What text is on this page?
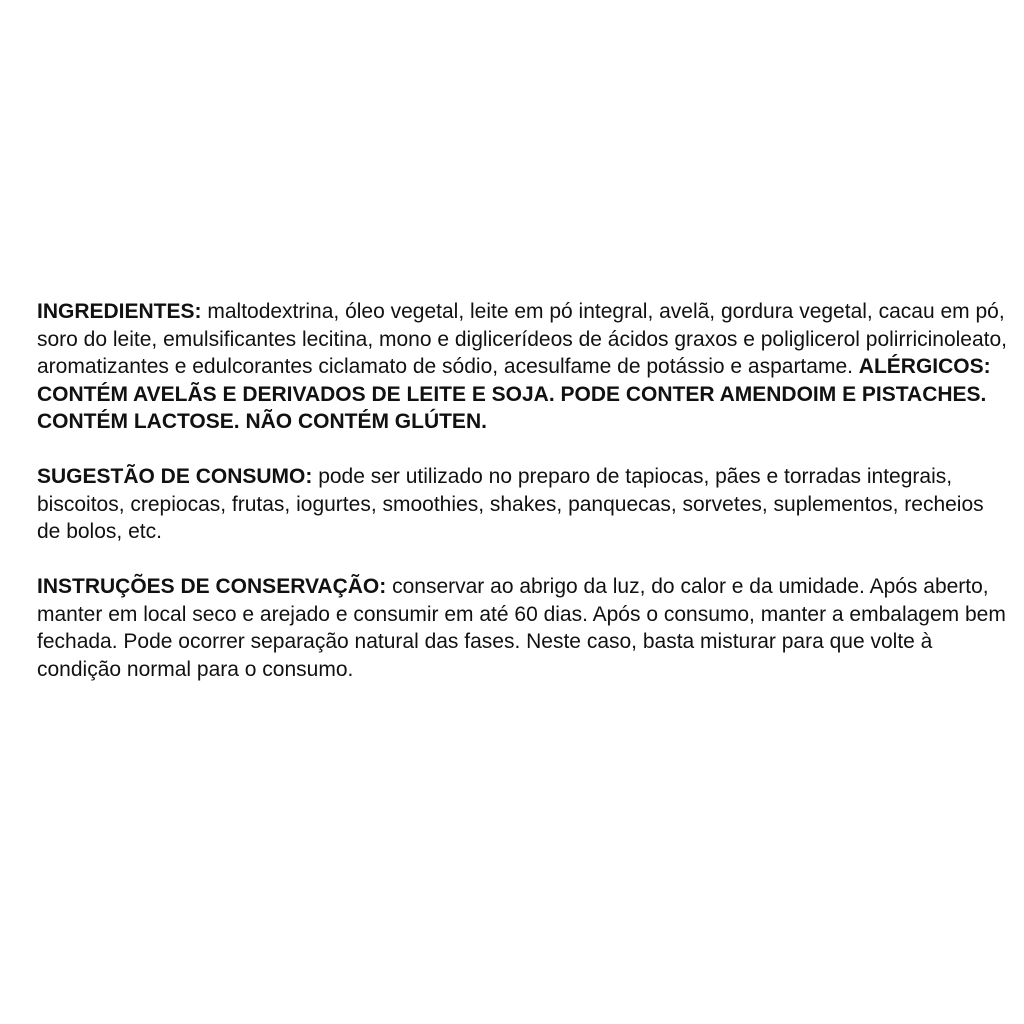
INGREDIENTES: maltodextrina, óleo vegetal, leite em pó integral, avelã, gordura vegetal, cacau em pó, soro do leite, emulsificantes lecitina, mono e diglicerídeos de ácidos graxos e poliglicerol polirricinoleato, aromatizantes e edulcorantes ciclamato de sódio, acesulfame de potássio e aspartame. ALÉRGICOS: CONTÉM AVELÃS E DERIVADOS DE LEITE E SOJA. PODE CONTER AMENDOIM E PISTACHES. CONTÉM LACTOSE. NÃO CONTÉM GLÚTEN.

SUGESTÃO DE CONSUMO: pode ser utilizado no preparo de tapiocas, pães e torradas integrais, biscoitos, crepiocas, frutas, iogurtes, smoothies, shakes, panquecas, sorvetes, suplementos, recheios de bolos, etc.

INSTRUÇÕES DE CONSERVAÇÃO: conservar ao abrigo da luz, do calor e da umidade. Após aberto, manter em local seco e arejado e consumir em até 60 dias. Após o consumo, manter a embalagem bem fechada. Pode ocorrer separação natural das fases. Neste caso, basta misturar para que volte à condição normal para o consumo.
